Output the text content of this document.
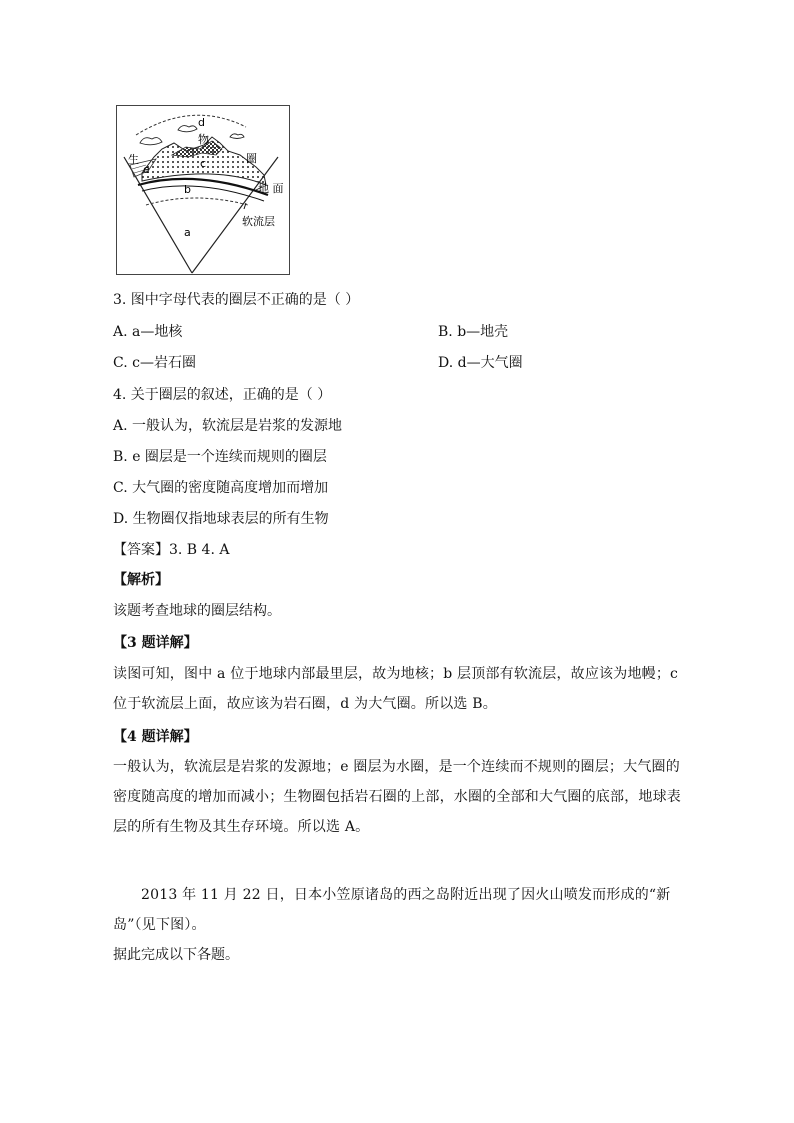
d
物
生	圈
c
e
b	地 面
软流层
a
3. 图中字母代表的圈层不正确的是（ ）
A. a—地核	B. b—地壳
C. c—岩石圈	D. d—大气圈
4. 关于圈层的叙述，正确的是（ ）
A. 一般认为，软流层是岩浆的发源地
B. e 圈层是一个连续而规则的圈层
C. 大气圈的密度随高度增加而增加
D. 生物圈仅指地球表层的所有生物
【答案】3. B 4. A
【解析】
该题考查地球的圈层结构。
【3 题详解】
读图可知，图中 a 位于地球内部最里层，故为地核；b 层顶部有软流层，故应该为地幔；c 位于软流层上面，故应该为岩石圈，d 为大气圈。所以选 B。
【4 题详解】
一般认为，软流层是岩浆的发源地；e 圈层为水圈，是一个连续而不规则的圈层；大气圈的密度随高度的增加而减小；生物圈包括岩石圈的上部，水圈的全部和大气圈的底部，地球表层的所有生物及其生存环境。所以选 A。
2013 年 11 月 22 日，日本小笠原诸岛的西之岛附近出现了因火山喷发而形成的“新岛”（见下图）。
据此完成以下各题。
